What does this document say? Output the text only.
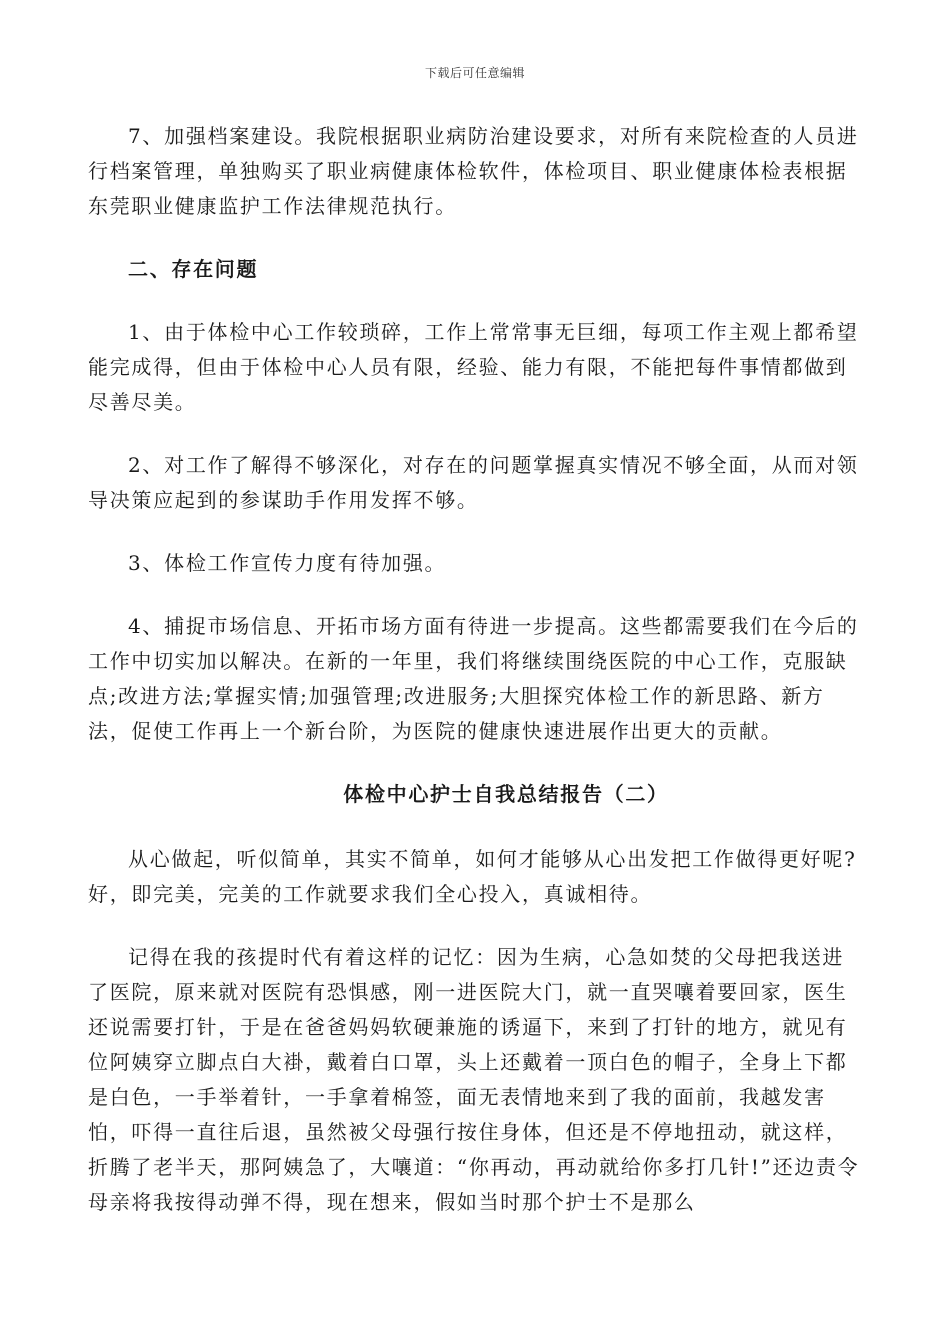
下载后可任意编辑

7、加强档案建设。我院根据职业病防治建设要求，对所有来院检查的人员进行档案管理，单独购买了职业病健康体检软件，体检项目、职业健康体检表根据东莞职业健康监护工作法律规范执行。

二、存在问题

1、由于体检中心工作较琐碎，工作上常常事无巨细，每项工作主观上都希望能完成得，但由于体检中心人员有限，经验、能力有限，不能把每件事情都做到尽善尽美。

2、对工作了解得不够深化，对存在的问题掌握真实情况不够全面，从而对领导决策应起到的参谋助手作用发挥不够。

3、体检工作宣传力度有待加强。

4、捕捉市场信息、开拓市场方面有待进一步提高。这些都需要我们在今后的工作中切实加以解决。在新的一年里，我们将继续围绕医院的中心工作，克服缺点;改进方法;掌握实情;加强管理;改进服务;大胆探究体检工作的新思路、新方法，促使工作再上一个新台阶，为医院的健康快速进展作出更大的贡献。

体检中心护士自我总结报告（二）

从心做起，听似简单，其实不简单，如何才能够从心出发把工作做得更好呢?好，即完美，完美的工作就要求我们全心投入，真诚相待。

记得在我的孩提时代有着这样的记忆：因为生病，心急如焚的父母把我送进了医院，原来就对医院有恐惧感，刚一进医院大门，就一直哭嚷着要回家，医生还说需要打针，于是在爸爸妈妈软硬兼施的诱逼下，来到了打针的地方，就见有位阿姨穿立脚点白大褂，戴着白口罩，头上还戴着一顶白色的帽子，全身上下都是白色，一手举着针，一手拿着棉签，面无表情地来到了我的面前，我越发害怕，吓得一直往后退，虽然被父母强行按住身体，但还是不停地扭动，就这样，折腾了老半天，那阿姨急了，大嚷道：“你再动，再动就给你多打几针!”还边责令母亲将我按得动弹不得，现在想来，假如当时那个护士不是那么
